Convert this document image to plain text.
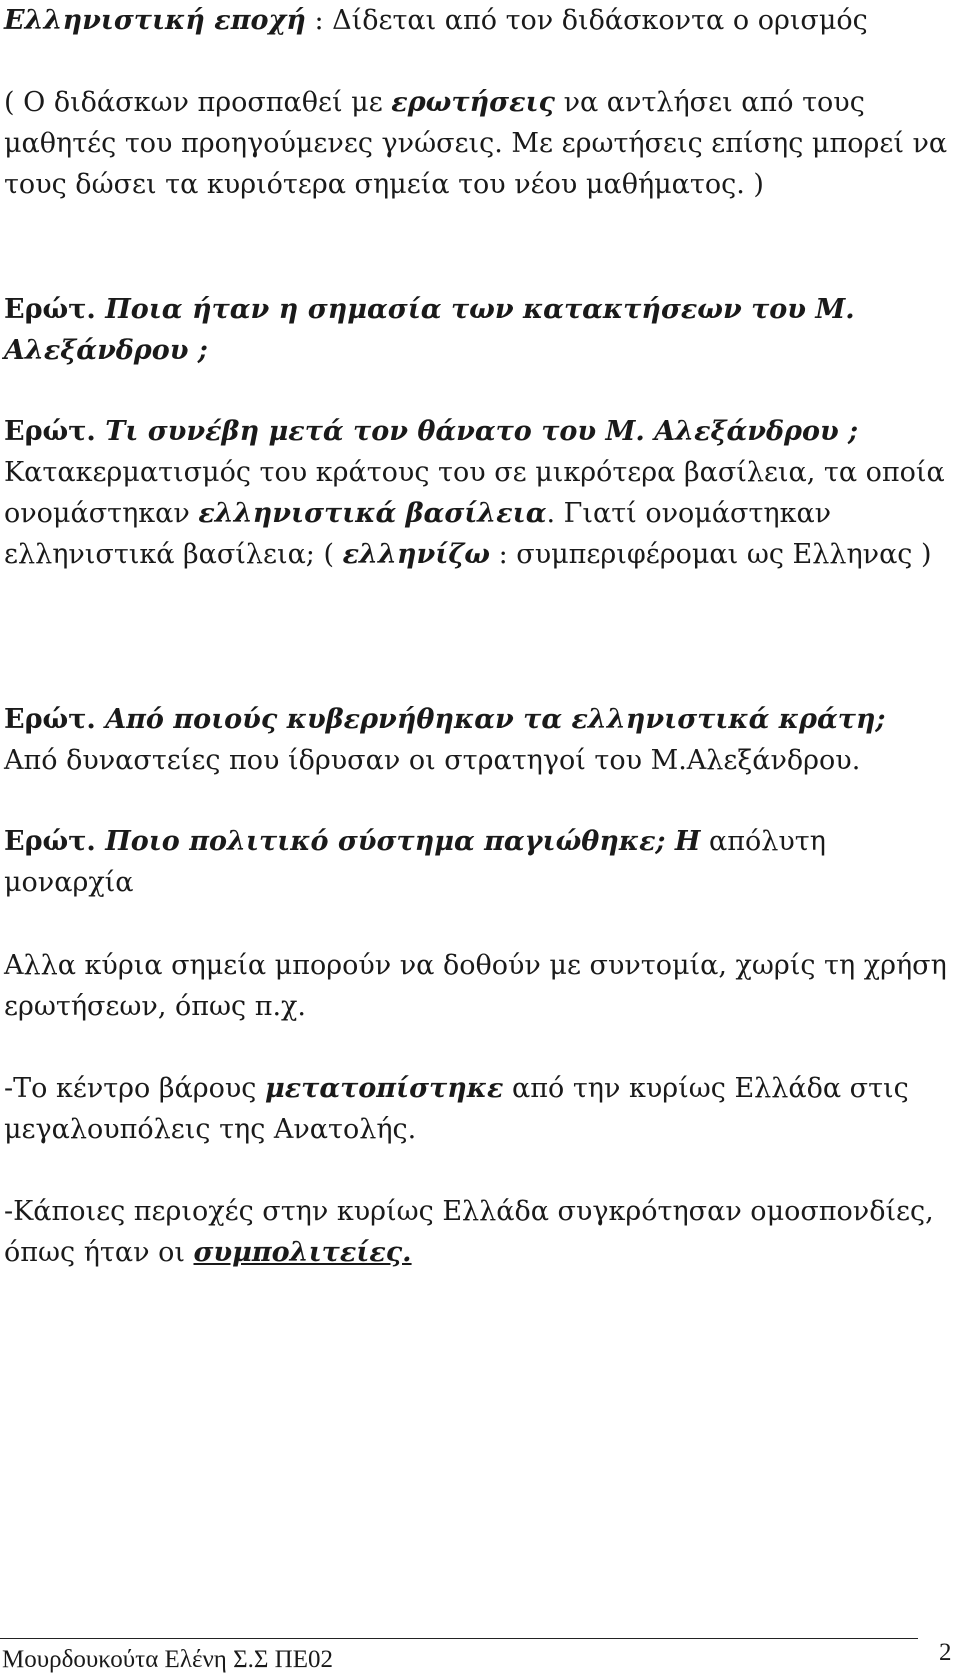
Ελληνιστική εποχή : Δίδεται από τον διδάσκοντα ο ορισμός

( Ο διδάσκων προσπαθεί με ερωτήσεις να αντλήσει από τους μαθητές του προηγούμενες γνώσεις. Με ερωτήσεις επίσης μπορεί να τους δώσει τα κυριότερα σημεία του νέου μαθήματος. )

Ερώτ. Ποια ήταν η σημασία των κατακτήσεων του Μ. Αλεξάνδρου ;

Ερώτ. Τι συνέβη μετά τον θάνατο του Μ. Αλεξάνδρου ;

Κατακερματισμός του κράτους του σε μικρότερα βασίλεια, τα οποία ονομάστηκαν ελληνιστικά βασίλεια. Γιατί ονομάστηκαν ελληνιστικά βασίλεια; ( ελληνίζω : συμπεριφέρομαι ως Ελληνας )

Ερώτ. Από ποιούς κυβερνήθηκαν τα ελληνιστικά κράτη;

Από δυναστείες που ίδρυσαν οι στρατηγοί του Μ.Αλεξάνδρου.

Ερώτ. Ποιο πολιτικό σύστημα παγιώθηκε; Η απόλυτη μοναρχία

Αλλα κύρια σημεία μπορούν να δοθούν με συντομία, χωρίς τη χρήση ερωτήσεων, όπως π.χ.

-Το κέντρο βάρους μετατοπίστηκε από την κυρίως Ελλάδα στις μεγαλουπόλεις της Ανατολής.

-Κάποιες περιοχές στην κυρίως Ελλάδα συγκρότησαν ομοσπονδίες, όπως ήταν οι συμπολιτείες.

Μουρδουκούτα Ελένη Σ.Σ ΠΕ02	2
